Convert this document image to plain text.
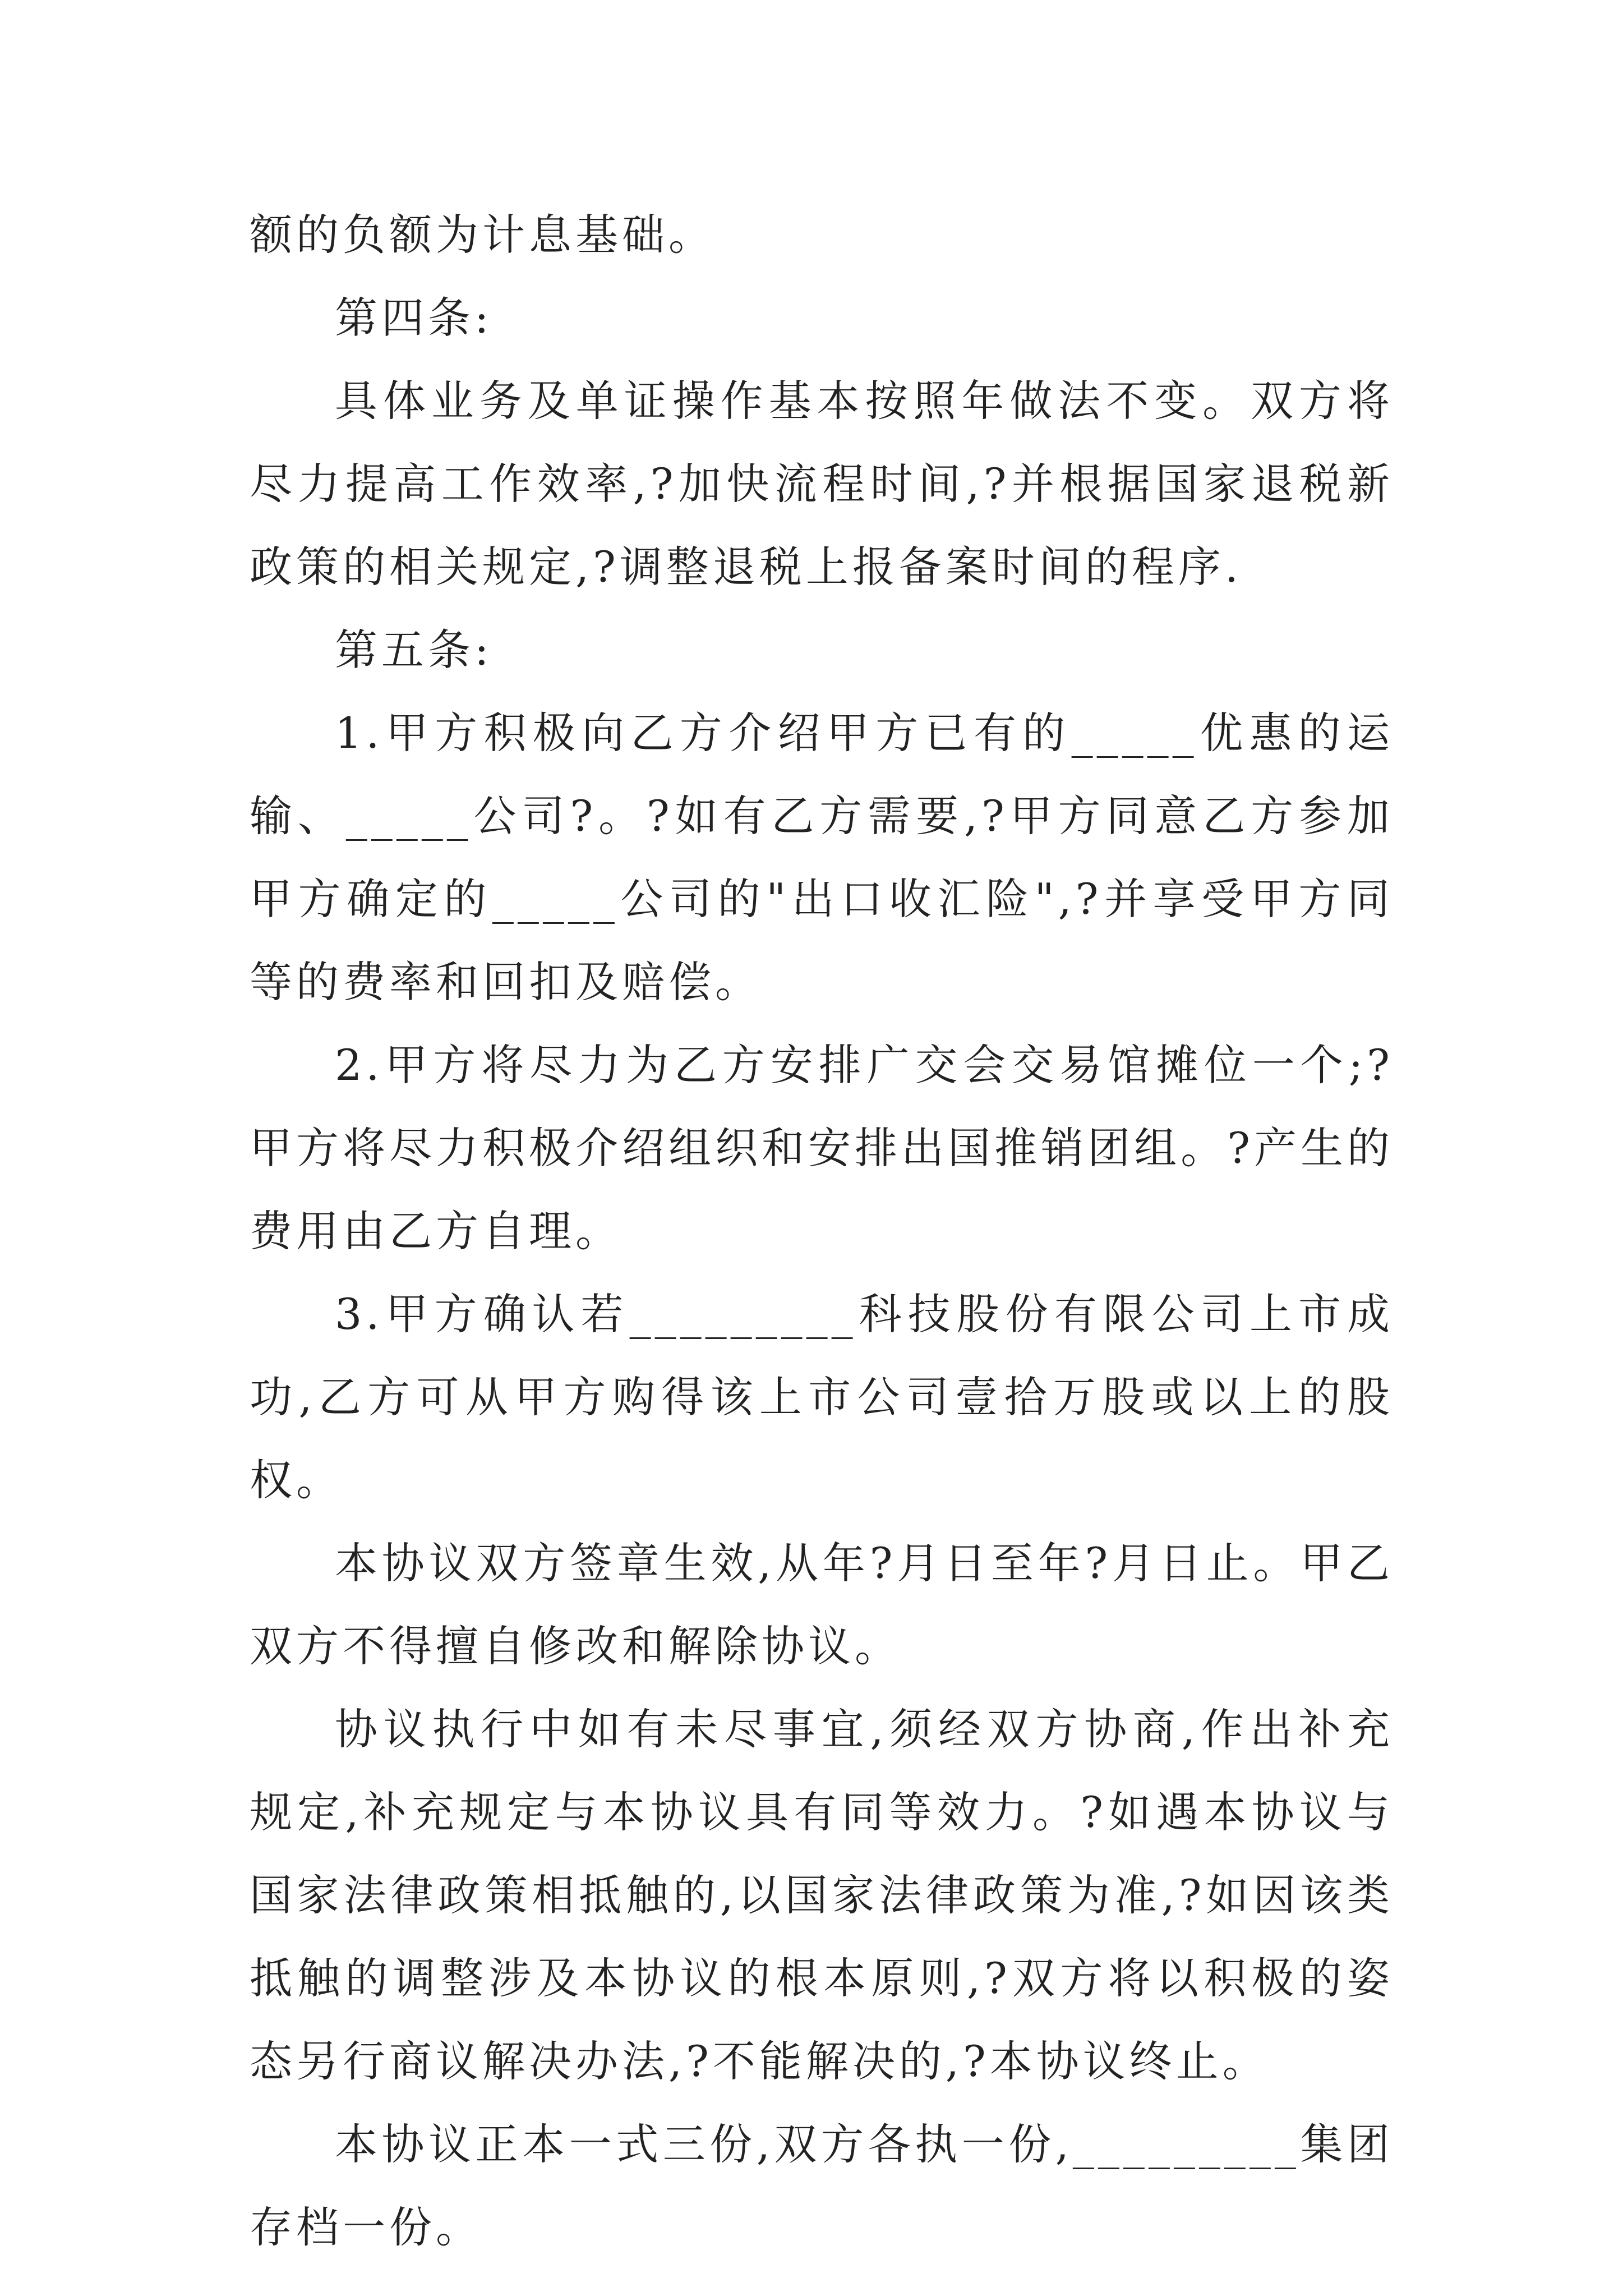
额的负额为计息基础。

第四条:

具体业务及单证操作基本按照年做法不变。双方将尽力提高工作效率,?加快流程时间,?并根据国家退税新政策的相关规定,?调整退税上报备案时间的程序.

第五条:

1.甲方积极向乙方介绍甲方已有的_____优惠的运输、_____公司?。?如有乙方需要,?甲方同意乙方参加甲方确定的_____公司的"出口收汇险",?并享受甲方同等的费率和回扣及赔偿。

2.甲方将尽力为乙方安排广交会交易馆摊位一个;?甲方将尽力积极介绍组织和安排出国推销团组。?产生的费用由乙方自理。

3.甲方确认若_________科技股份有限公司上市成功,乙方可从甲方购得该上市公司壹拾万股或以上的股权。

本协议双方签章生效,从年?月日至年?月日止。甲乙双方不得擅自修改和解除协议。

协议执行中如有未尽事宜,须经双方协商,作出补充规定,补充规定与本协议具有同等效力。?如遇本协议与国家法律政策相抵触的,以国家法律政策为准,?如因该类抵触的调整涉及本协议的根本原则,?双方将以积极的姿态另行商议解决办法,?不能解决的,?本协议终止。

本协议正本一式三份,双方各执一份,_________集团存档一份。
